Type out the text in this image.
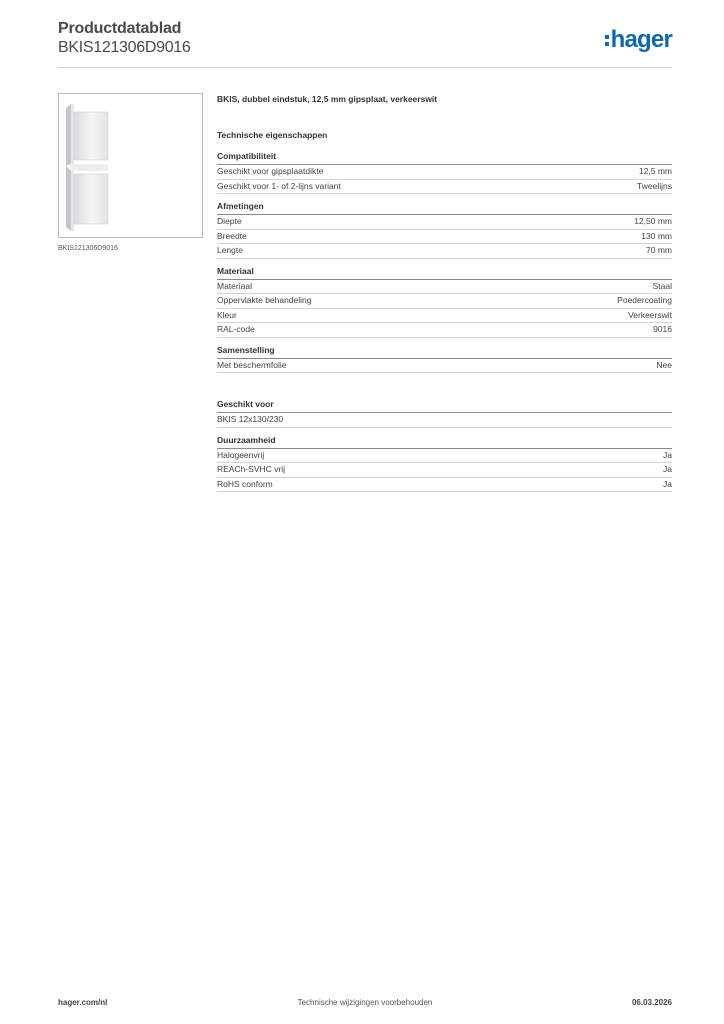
Productdatablad
BKIS121306D9016	hager
BKIS121306D9016
BKIS, dubbel eindstuk, 12,5 mm gipsplaat, verkeerswit
Technische eigenschappen
Compatibiliteit
Geschikt voor gipsplaatdikte	12,5 mm
Geschikt voor 1- of 2-lijns variant	Tweelijns
Afmetingen
Diepte	12,50 mm
Breedte	130 mm
Lengte	70 mm
Materiaal
Materiaal	Staal
Oppervlakte behandeling	Poedercoating
Kleur	Verkeerswit
RAL-code	9016
Samenstelling
Met beschermfolie	Nee
Geschikt voor
BKIS 12x130/230
Duurzaamheid
Halogeenvrij	Ja
REACh-SVHC vrij	Ja
RoHS conform	Ja
Technische wijzigingen voorbehouden
hager.com/nl	06.03.2026
